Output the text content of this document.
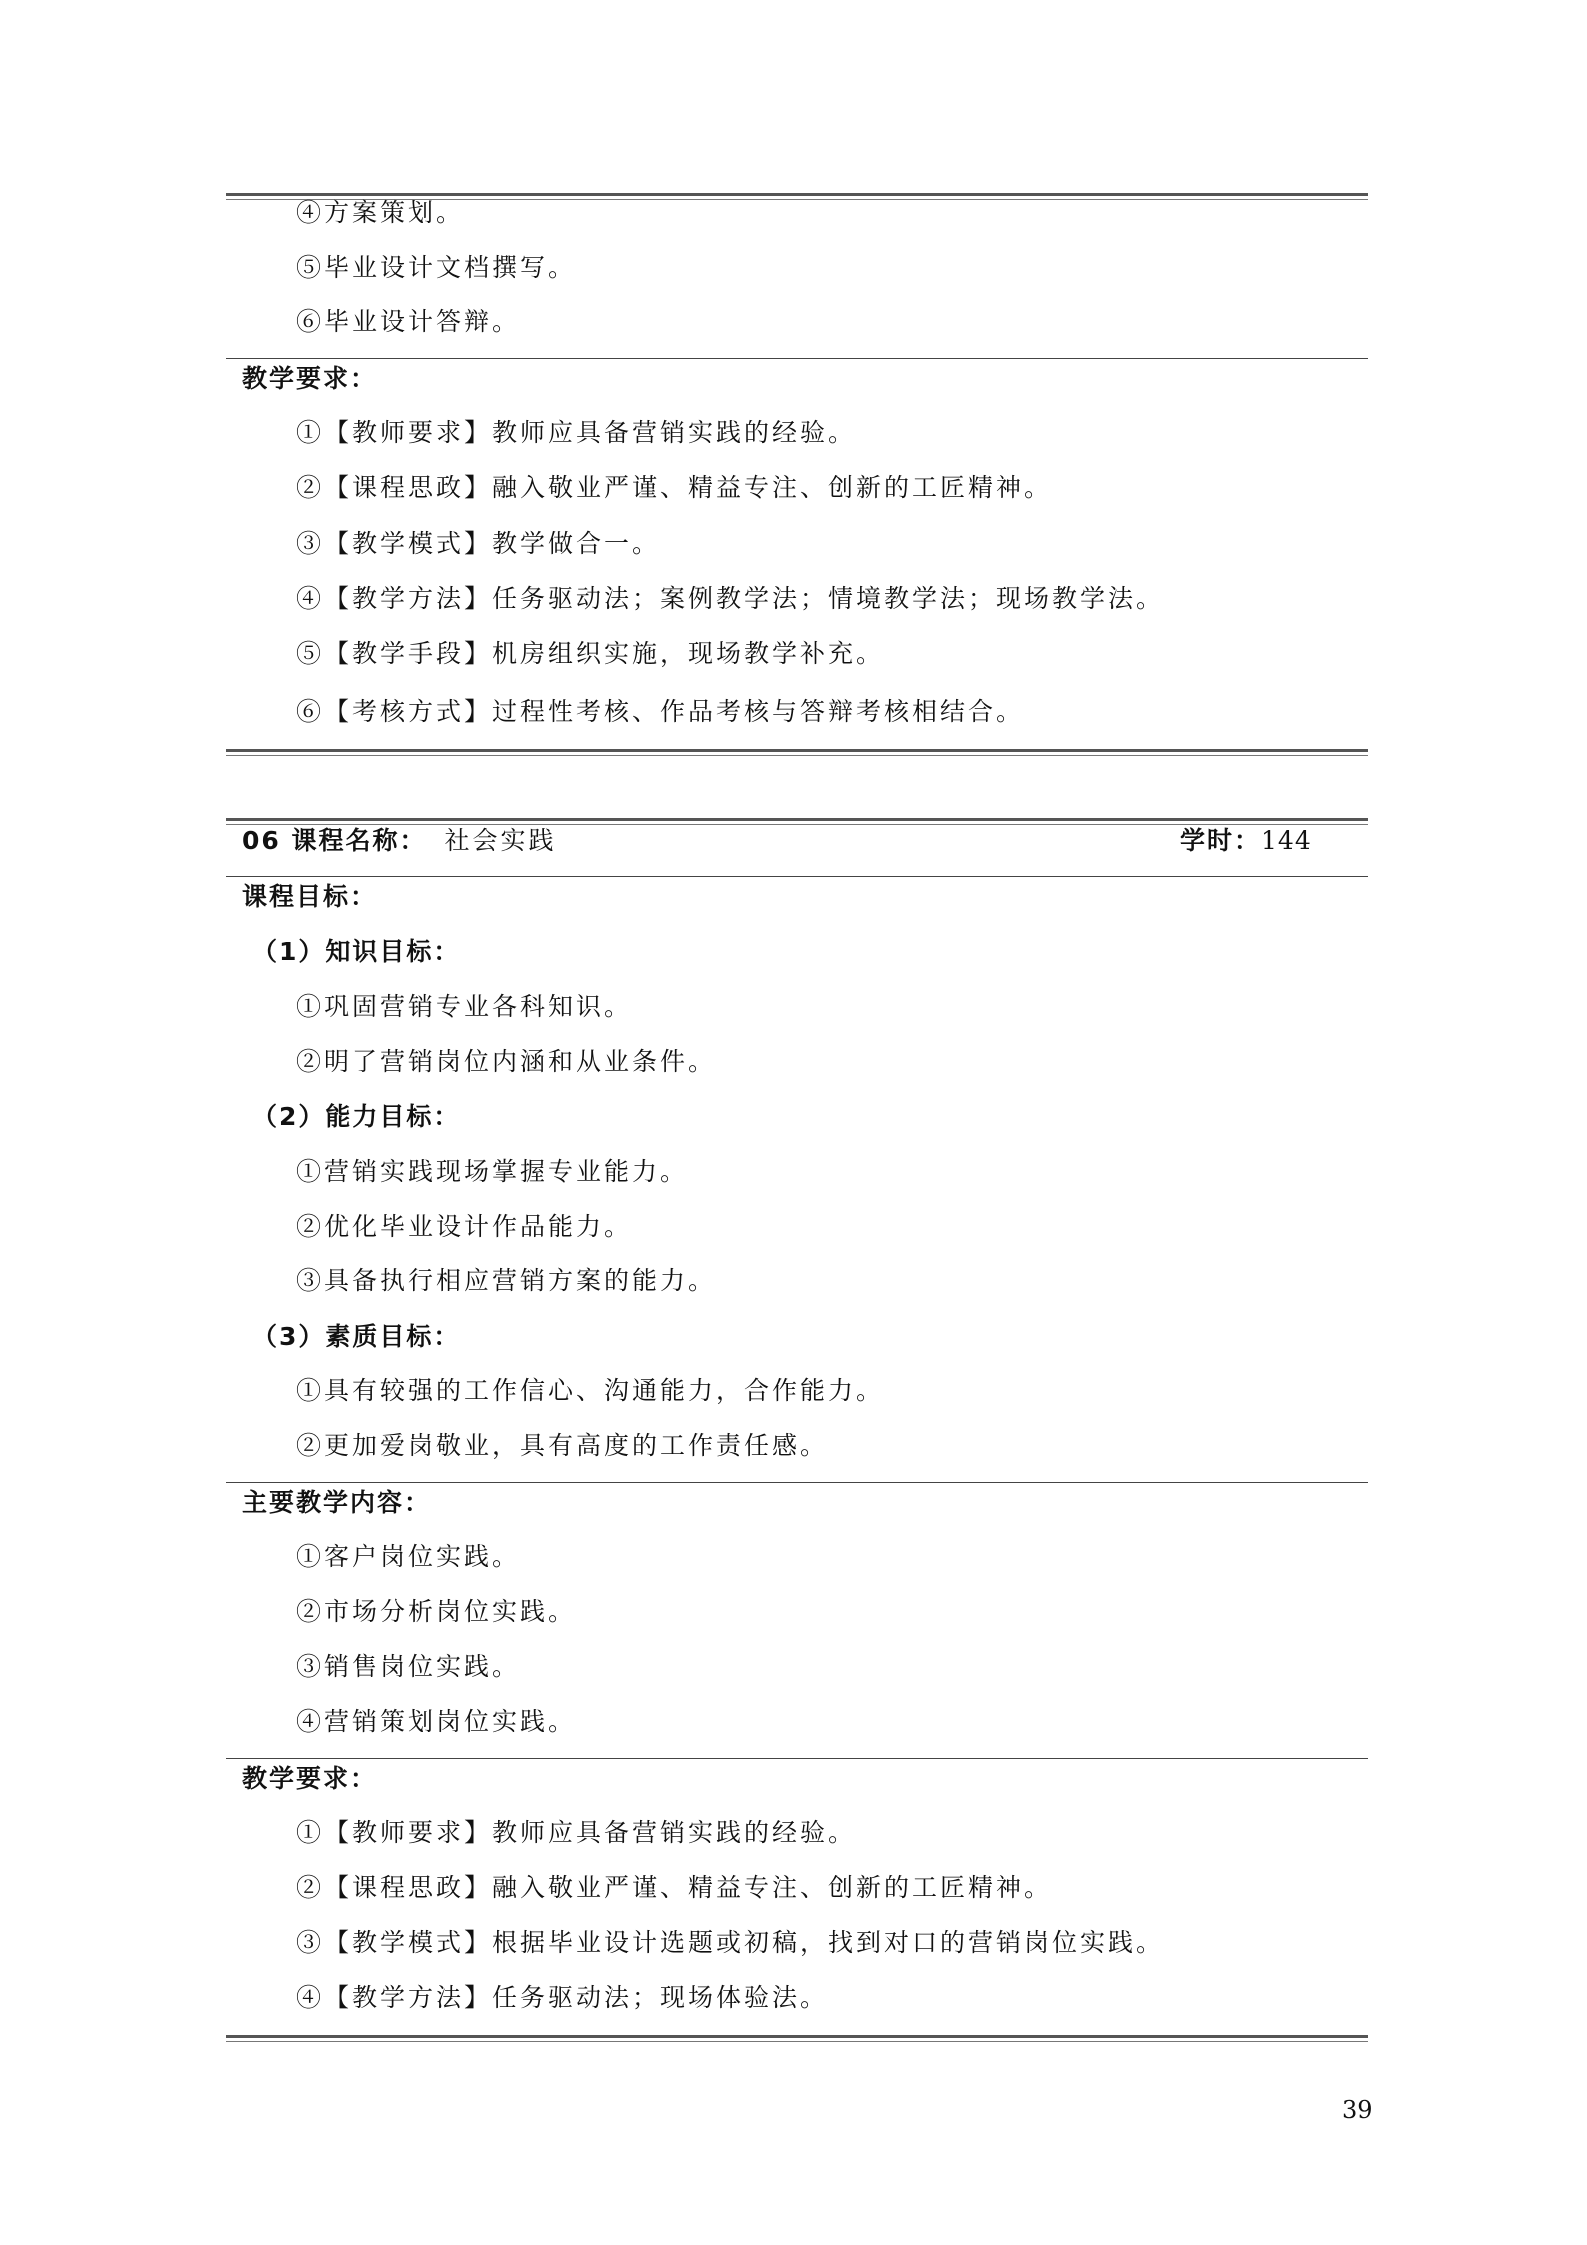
④方案策划。
⑤毕业设计文档撰写。
⑥毕业设计答辩。
教学要求：
①【教师要求】教师应具备营销实践的经验。
②【课程思政】融入敬业严谨、精益专注、创新的工匠精神。
③【教学模式】教学做合一。
④【教学方法】任务驱动法；案例教学法；情境教学法；现场教学法。
⑤【教学手段】机房组织实施，现场教学补充。
⑥【考核方式】过程性考核、作品考核与答辩考核相结合。
06 课程名称： 社会实践	学时：144
课程目标：
（1）知识目标：
①巩固营销专业各科知识。
②明了营销岗位内涵和从业条件。
（2）能力目标：
①营销实践现场掌握专业能力。
②优化毕业设计作品能力。
③具备执行相应营销方案的能力。
（3）素质目标：
①具有较强的工作信心、沟通能力，合作能力。
②更加爱岗敬业，具有高度的工作责任感。
主要教学内容：
①客户岗位实践。
②市场分析岗位实践。
③销售岗位实践。
④营销策划岗位实践。
教学要求：
①【教师要求】教师应具备营销实践的经验。
②【课程思政】融入敬业严谨、精益专注、创新的工匠精神。
③【教学模式】根据毕业设计选题或初稿，找到对口的营销岗位实践。
④【教学方法】任务驱动法；现场体验法。
39
